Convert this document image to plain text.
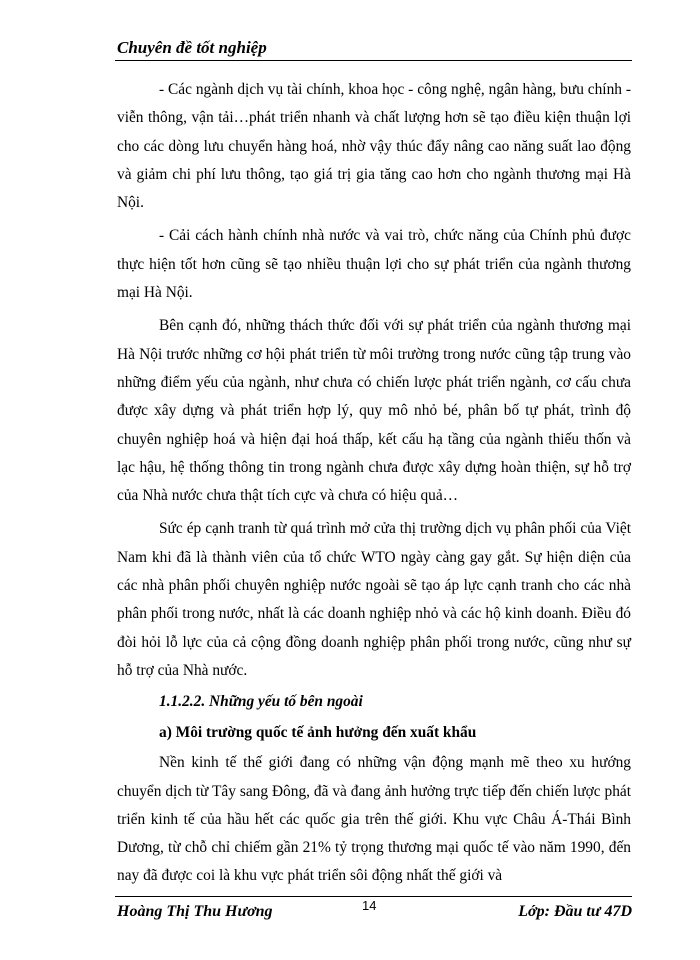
Chuyên đề tốt nghiệp

- Các ngành dịch vụ tài chính, khoa học - công nghệ, ngân hàng, bưu chính - viễn thông, vận tải…phát triển nhanh và chất lượng hơn sẽ tạo điều kiện thuận lợi cho các dòng lưu chuyển hàng hoá, nhờ vậy thúc đẩy nâng cao năng suất lao động và giảm chi phí lưu thông, tạo giá trị gia tăng cao hơn cho ngành thương mại Hà Nội.

- Cải cách hành chính nhà nước và vai trò, chức năng của Chính phủ được thực hiện tốt hơn cũng sẽ tạo nhiều thuận lợi cho sự phát triển của ngành thương mại Hà Nội.

Bên cạnh đó, những thách thức đối với sự phát triển của ngành thương mại Hà Nội trước những cơ hội phát triển từ môi trường trong nước cũng tập trung vào những điểm yếu của ngành, như chưa có chiến lược phát triển ngành, cơ cấu chưa được xây dựng và phát triển hợp lý, quy mô nhỏ bé, phân bố tự phát, trình độ chuyên nghiệp hoá và hiện đại hoá thấp, kết cấu hạ tầng của ngành thiếu thốn và lạc hậu, hệ thống thông tin trong ngành chưa được xây dựng hoàn thiện, sự hỗ trợ của Nhà nước chưa thật tích cực và chưa có hiệu quả…

Sức ép cạnh tranh từ quá trình mở cửa thị trường dịch vụ phân phối của Việt Nam khi đã là thành viên của tổ chức WTO ngày càng gay gắt. Sự hiện diện của các nhà phân phối chuyên nghiệp nước ngoài sẽ tạo áp lực cạnh tranh cho các nhà phân phối trong nước, nhất là các doanh nghiệp nhỏ và các hộ kinh doanh. Điều đó đòi hỏi lỗ lực của cả cộng đồng doanh nghiệp phân phối trong nước, cũng như sự hỗ trợ của Nhà nước.

1.1.2.2. Những yếu tố bên ngoài
a) Môi trường quốc tế ảnh hưởng đến xuất khẩu

Nền kinh tế thế giới đang có những vận động mạnh mẽ theo xu hướng chuyển dịch từ Tây sang Đông, đã và đang ảnh hưởng trực tiếp đến chiến lược phát triển kinh tế của hầu hết các quốc gia trên thế giới. Khu vực Châu Á-Thái Bình Dương, từ chỗ chỉ chiếm gần 21% tỷ trọng thương mại quốc tế vào năm 1990, đến nay đã được coi là khu vực phát triển sôi động nhất thế giới và

Hoàng Thị Thu Hương	14	Lớp: Đầu tư 47D
